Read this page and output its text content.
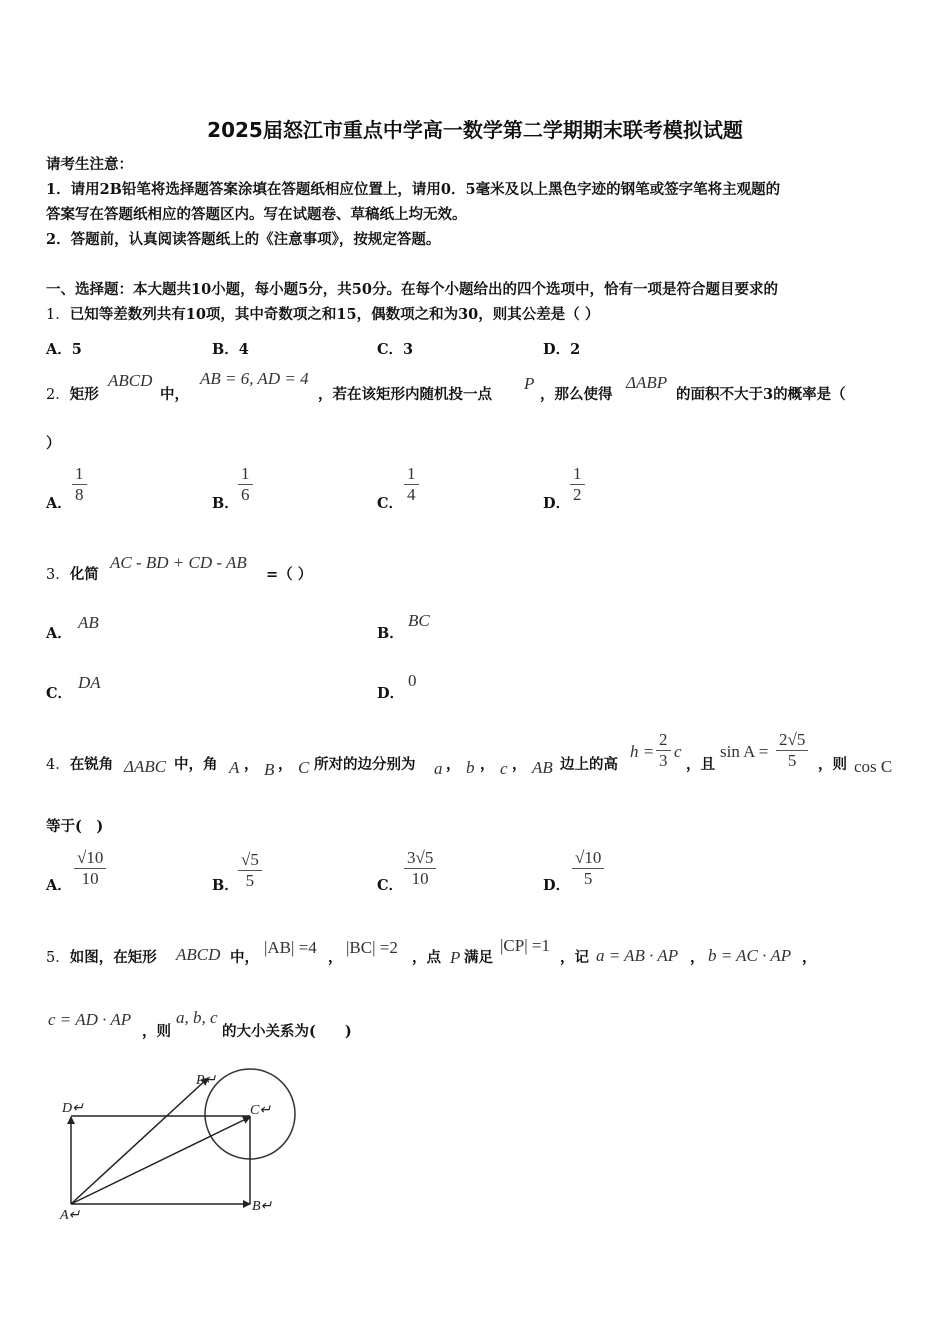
2025届怒江市重点中学高一数学第二学期期末联考模拟试题
请考生注意：
1．请用2B铅笔将选择题答案涂填在答题纸相应位置上，请用0．5毫米及以上黑色字迹的钢笔或签字笔将主观题的
答案写在答题纸相应的答题区内。写在试题卷、草稿纸上均无效。
2．答题前，认真阅读答题纸上的《注意事项》，按规定答题。
一、选择题：本大题共10小题，每小题5分，共50分。在每个小题给出的四个选项中，恰有一项是符合题目要求的
1．已知等差数列共有10项，其中奇数项之和15，偶数项之和为30，则其公差是（ ）
A．5	B．4	C．3	D．2
2．矩形
ABCD
中，
AB = 6, AD = 4
，若在该矩形内随机投一点
P
，那么使得
ΔABP
的面积不大于3的概率是（
）
A．
1
8	B．
1
6	C．
1
4	D．
1
2
3．化简
AC - BD + CD - AB
=（ ）
A．
AB
B．
BC
C．
DA
D．
0
4．在锐角 ΔABC 中，角 A ， B ， C 所对的边分别为 a ， b ， c ， AB 边上的高
h =
2
3 c
，且
sin A =
2√5
5	，则 cos C
等于(　)
A．
√10
10	B．
√5
5	C．
3√5
10	D．
√10
5
5．如图，在矩形 ABCD 中，
|AB| =4
，
|BC| =2
，点 P 满足
|CP| =1
，记 a = AB · AP ， b = AC · AP ，
c = AD · AP
，则
a, b, c
的大小关系为(　　)
P↵
D↵	C↵
A↵
B↵
